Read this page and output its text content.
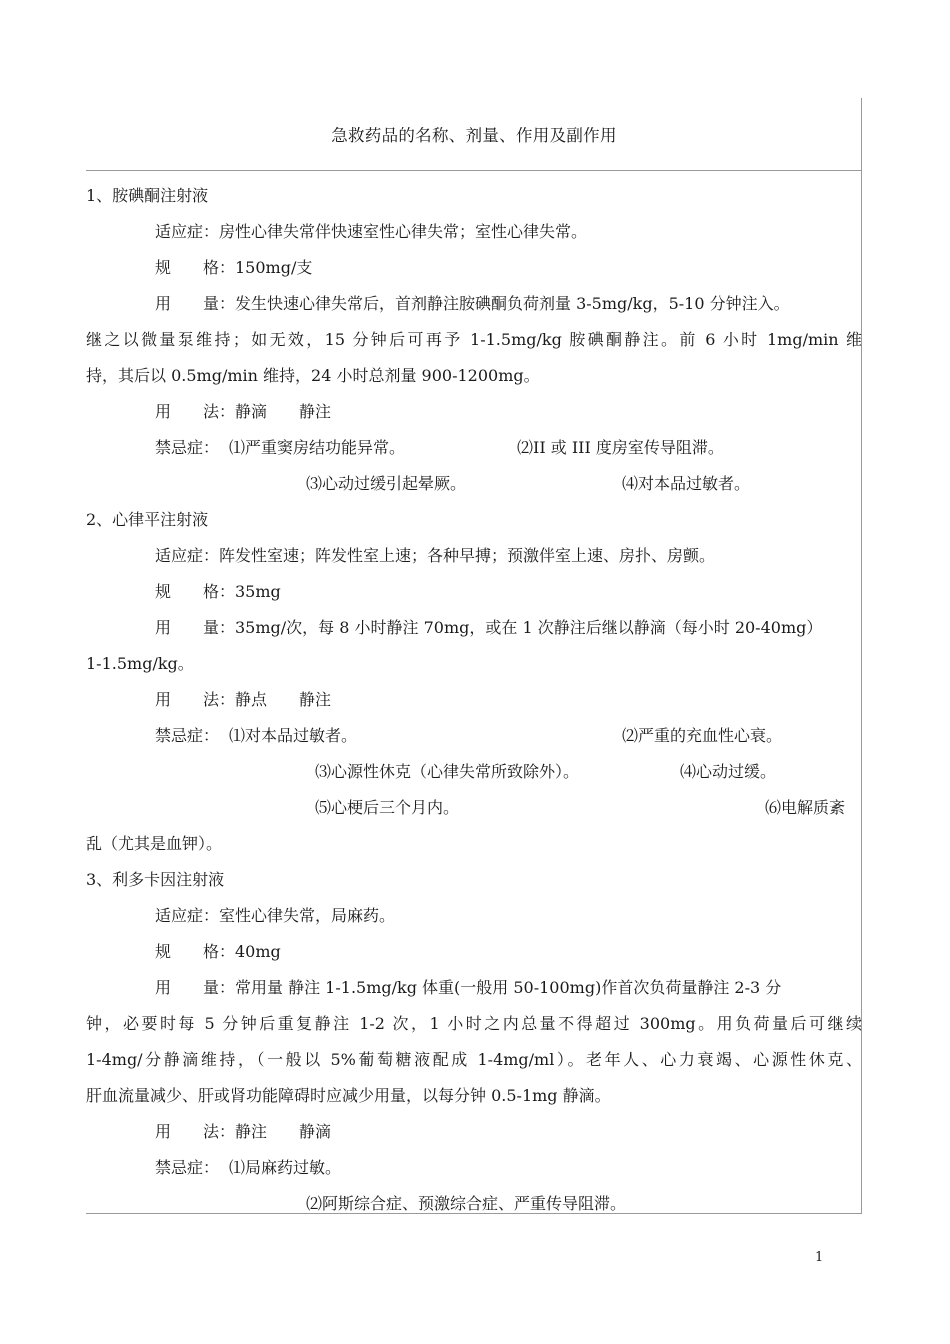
急救药品的名称、剂量、作用及副作用
1、胺碘酮注射液
适应症：房性心律失常伴快速室性心律失常；室性心律失常。
规　　格：150mg/支
用　　量：发生快速心律失常后，首剂静注胺碘酮负荷剂量 3-5mg/kg，5-10 分钟注入。
继之以微量泵维持；如无效，15 分钟后可再予 1-1.5mg/kg 胺碘酮静注。前 6 小时 1mg/min 维
持，其后以 0.5mg/min 维持，24 小时总剂量 900-1200mg。
用　　法：静滴　　静注
禁忌症： ⑴严重窦房结功能异常。	⑵II 或 III 度房室传导阻滞。
⑶心动过缓引起晕厥。	⑷对本品过敏者。
2、心律平注射液
适应症：阵发性室速；阵发性室上速；各种早搏；预激伴室上速、房扑、房颤。
规　　格：35mg
用　　量：35mg/次，每 8 小时静注 70mg，或在 1 次静注后继以静滴（每小时 20-40mg）
1-1.5mg/kg。
用　　法：静点　　静注
禁忌症： ⑴对本品过敏者。	⑵严重的充血性心衰。
⑶心源性休克（心律失常所致除外）。	⑷心动过缓。
⑸心梗后三个月内。	⑹电解质紊
乱（尤其是血钾）。
3、利多卡因注射液
适应症：室性心律失常，局麻药。
规　　格：40mg
用　　量：常用量 静注 1-1.5mg/kg 体重(一般用 50-100mg)作首次负荷量静注 2-3 分
钟，必要时每 5 分钟后重复静注 1-2 次，1 小时之内总量不得超过 300mg。用负荷量后可继续
1-4mg/分静滴维持，（一般以 5%葡萄糖液配成 1-4mg/ml）。老年人、心力衰竭、心源性休克、
肝血流量减少、肝或肾功能障碍时应减少用量，以每分钟 0.5-1mg 静滴。
用　　法：静注　　静滴
禁忌症： ⑴局麻药过敏。
⑵阿斯综合症、预激综合症、严重传导阻滞。
1
